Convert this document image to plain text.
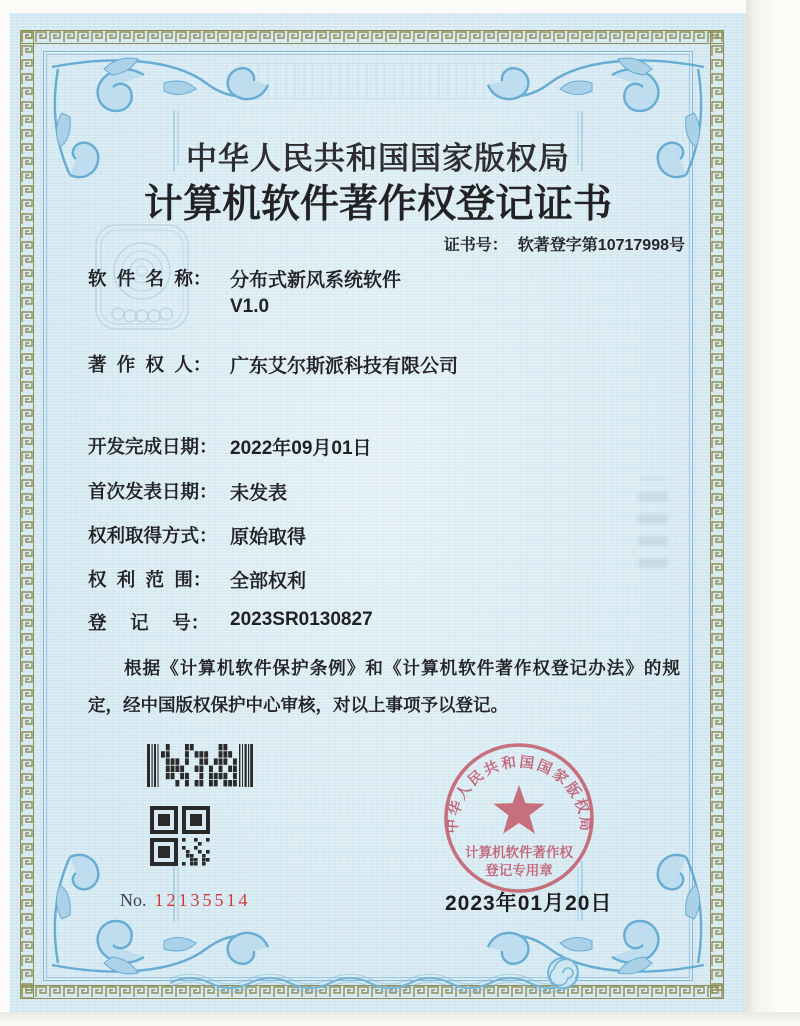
中华人民共和国国家版权局
计算机软件著作权登记证书
证书号： 软著登字第10717998号
软  件  名  称： 分布式新风系统软件
V1.0
著  作  权  人： 广东艾尔斯派科技有限公司
开发完成日期： 2022年09月01日
首次发表日期： 未发表
权利取得方式： 原始取得
权  利  范  围： 全部权利
登　 记　 号： 2023SR0130827
根据《计算机软件保护条例》和《计算机软件著作权登记办法》的规定，经中国版权保护中心审核，对以上事项予以登记。
中华人民共和国国家版权局
计算机软件著作权
登记专用章
2023年01月20日
No. 12135514
